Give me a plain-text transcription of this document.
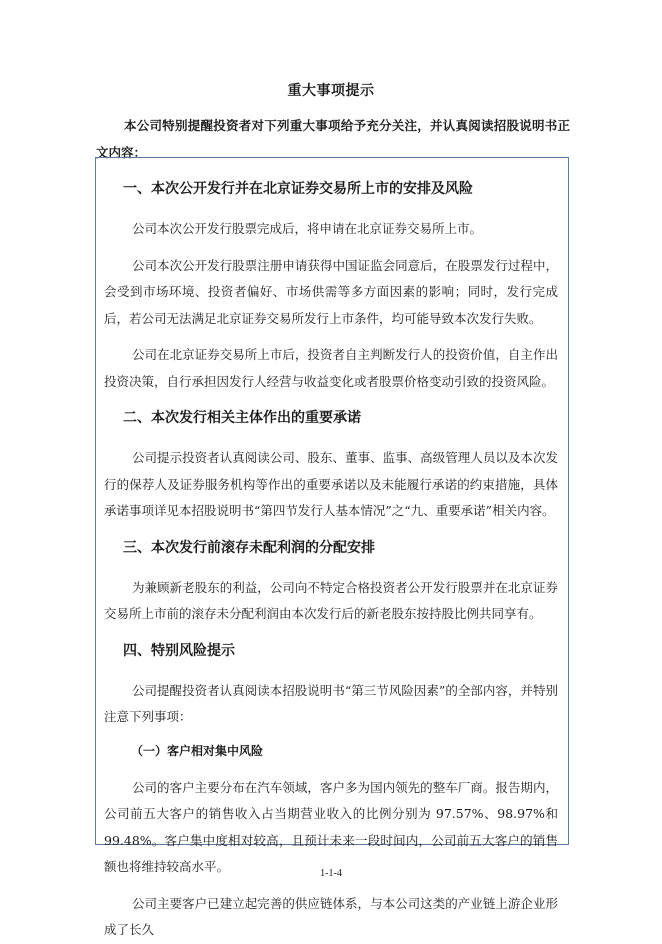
重大事项提示
本公司特别提醒投资者对下列重大事项给予充分关注，并认真阅读招股说明书正文内容：
一、本次公开发行并在北京证券交易所上市的安排及风险

公司本次公开发行股票完成后，将申请在北京证券交易所上市。

公司本次公开发行股票注册申请获得中国证监会同意后，在股票发行过程中，会受到市场环境、投资者偏好、市场供需等多方面因素的影响；同时，发行完成后，若公司无法满足北京证券交易所发行上市条件，均可能导致本次发行失败。

公司在北京证券交易所上市后，投资者自主判断发行人的投资价值，自主作出投资决策，自行承担因发行人经营与收益变化或者股票价格变动引致的投资风险。

二、本次发行相关主体作出的重要承诺

公司提示投资者认真阅读公司、股东、董事、监事、高级管理人员以及本次发行的保荐人及证券服务机构等作出的重要承诺以及未能履行承诺的约束措施，具体承诺事项详见本招股说明书“第四节发行人基本情况”之“九、重要承诺”相关内容。

三、本次发行前滚存未配利润的分配安排

为兼顾新老股东的利益，公司向不特定合格投资者公开发行股票并在北京证券交易所上市前的滚存未分配利润由本次发行后的新老股东按持股比例共同享有。

四、特别风险提示

公司提醒投资者认真阅读本招股说明书“第三节风险因素”的全部内容，并特别注意下列事项：

（一）客户相对集中风险

公司的客户主要分布在汽车领域，客户多为国内领先的整车厂商。报告期内，公司前五大客户的销售收入占当期营业收入的比例分别为 97.57%、98.97%和 99.48%。客户集中度相对较高，且预计未来一段时间内，公司前五大客户的销售额也将维持较高水平。

公司主要客户已建立起完善的供应链体系，与本公司这类的产业链上游企业形成了长久

1-1-4
